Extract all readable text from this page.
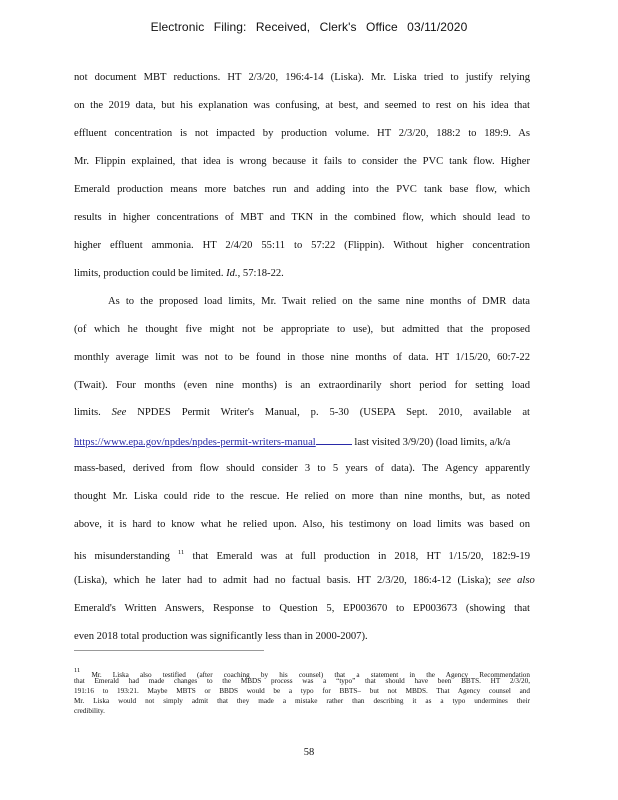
Electronic Filing: Received, Clerk's Office 03/11/2020
not document MBT reductions. HT 2/3/20, 196:4-14 (Liska). Mr. Liska tried to justify relying
on the 2019 data, but his explanation was confusing, at best, and seemed to rest on his idea that
effluent concentration is not impacted by production volume. HT 2/3/20, 188:2 to 189:9. As
Mr. Flippin explained, that idea is wrong because it fails to consider the PVC tank flow. Higher
Emerald production means more batches run and adding into the PVC tank base flow, which
results in higher concentrations of MBT and TKN in the combined flow, which should lead to
higher effluent ammonia. HT 2/4/20 55:11 to 57:22 (Flippin). Without higher concentration
limits, production could be limited. Id., 57:18-22.
As to the proposed load limits, Mr. Twait relied on the same nine months of DMR data
(of which he thought five might not be appropriate to use), but admitted that the proposed
monthly average limit was not to be found in those nine months of data. HT 1/15/20, 60:7-22
(Twait). Four months (even nine months) is an extraordinarily short period for setting load
limits. See NPDES Permit Writer's Manual, p. 5-30 (USEPA Sept. 2010, available at
https://www.epa.gov/npdes/npdes-permit-writers-manual	last visited 3/9/20) (load limits, a/k/a
mass-based, derived from flow should consider 3 to 5 years of data). The Agency apparently
thought Mr. Liska could ride to the rescue. He relied on more than nine months, but, as noted
above, it is hard to know what he relied upon. Also, his testimony on load limits was based on
his misunderstanding $^{11}$ that Emerald was at full production in 2018, HT 1/15/20, 182:9-19
(Liska), which he later had to admit had no factual basis. HT 2/3/20, 186:4-12 (Liska); see also
Emerald's Written Answers, Response to Question 5, EP003670 to EP003673 (showing that
even 2018 total production was significantly less than in 2000-2007).
11 Mr. Liska also testified (after coaching by his counsel) that a statement in the Agency Recommendation
that Emerald had made changes to the MBDS process was a “typo” that should have been BBTS. HT 2/3/20,
191:16 to 193:21. Maybe MBTS or BBDS would be a typo for BBTS– but not MBDS. That Agency counsel and
Mr. Liska would not simply admit that they made a mistake rather than describing it as a typo undermines their
credibility.
58
